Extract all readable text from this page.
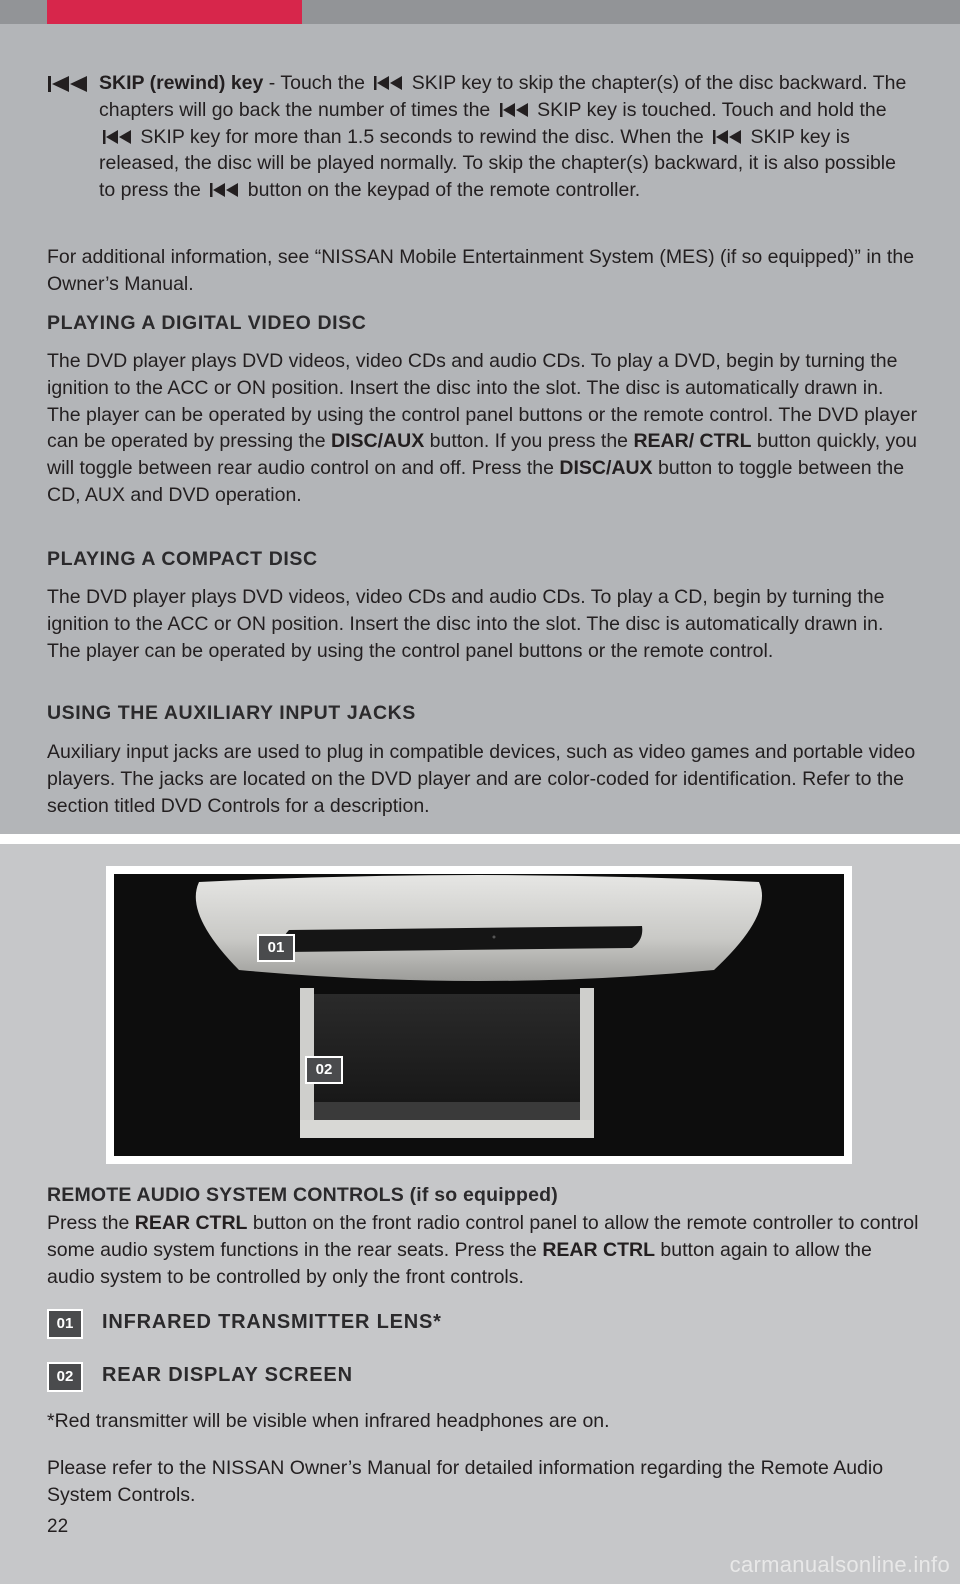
SKIP (rewind) key - Touch the  SKIP key to skip the chapter(s) of the disc backward. The chapters will go back the number of times the  SKIP key is touched. Touch and hold the  SKIP key for more than 1.5 seconds to rewind the disc. When the  SKIP key is released, the disc will be played normally. To skip the chapter(s) backward, it is also possible to press the  button on the keypad of the remote controller.

For additional information, see “NISSAN Mobile Entertainment System (MES) (if so equipped)” in the Owner’s Manual.

PLAYING A DIGITAL VIDEO DISC

The DVD player plays DVD videos, video CDs and audio CDs. To play a DVD, begin by turning the ignition to the ACC or ON position. Insert the disc into the slot. The disc is automatically drawn in. The player can be operated by using the control panel buttons or the remote control. The DVD player can be operated by pressing the DISC/AUX button. If you press the REAR/ CTRL button quickly, you will toggle between rear audio control on and off. Press the DISC/AUX button to toggle between the CD, AUX and DVD operation.

PLAYING A COMPACT DISC

The DVD player plays DVD videos, video CDs and audio CDs. To play a CD, begin by turning the ignition to the ACC or ON position. Insert the disc into the slot. The disc is automatically drawn in. The player can be operated by using the control panel buttons or the remote control.

USING THE AUXILIARY INPUT JACKS

Auxiliary input jacks are used to plug in compatible devices, such as video games and portable video players. The jacks are located on the DVD player and are color-coded for identification. Refer to the section titled DVD Controls for a description.

01
02
REMOTE AUDIO SYSTEM CONTROLS (if so equipped)

Press the REAR CTRL button on the front radio control panel to allow the remote controller to control some audio system functions in the rear seats. Press the REAR CTRL button again to allow the audio system to be controlled by only the front controls.

01	INFRARED TRANSMITTER LENS*
02	REAR DISPLAY SCREEN

*Red transmitter will be visible when infrared headphones are on.

Please refer to the NISSAN Owner’s Manual for detailed information regarding the Remote Audio System Controls.

22
carmanualsonline.info
